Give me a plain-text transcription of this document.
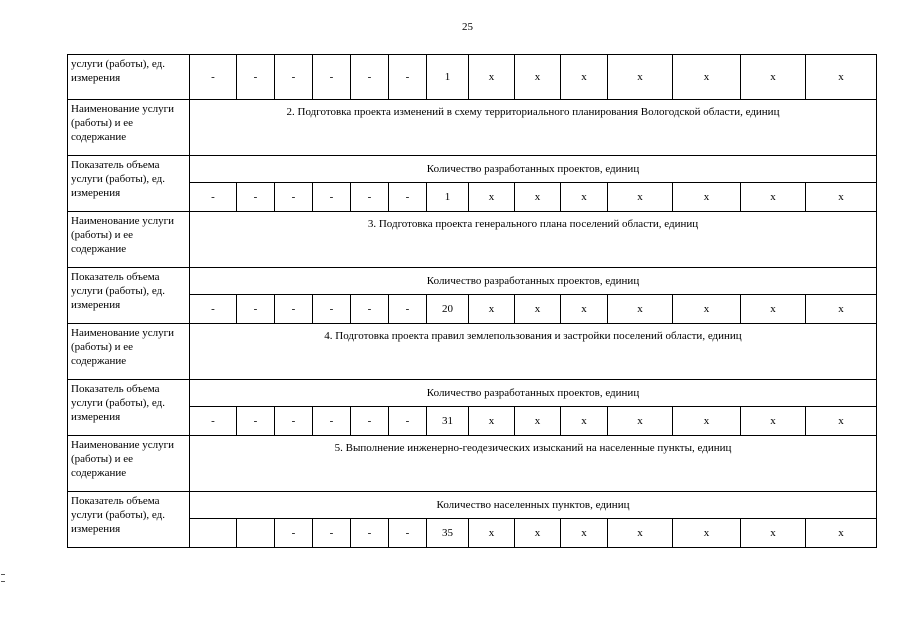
25
услуги (работы), ед. измерения	-	-	-	-	-	-	1	x	x	x	x	x	x	x
Наименование услуги (работы) и ее содержание	2. Подготовка проекта изменений в схему территориального планирования Вологодской области, единиц													
Показатель объема услуги (работы), ед. измерения	Количество разработанных проектов, единиц													
	-	-	-	-	-	-	1	x	x	x	x	x	x	x
Наименование услуги (работы) и ее содержание	3. Подготовка проекта генерального плана поселений области, единиц													
Показатель объема услуги (работы), ед. измерения	Количество разработанных проектов, единиц													
	-	-	-	-	-	-	20	x	x	x	x	x	x	x
Наименование услуги (работы) и ее содержание	4. Подготовка проекта правил землепользования и застройки поселений области, единиц													
Показатель объема услуги (работы), ед. измерения	Количество разработанных проектов, единиц													
	-	-	-	-	-	-	31	x	x	x	x	x	x	x
Наименование услуги (работы) и ее содержание	5. Выполнение инженерно-геодезических изысканий на населенные пункты, единиц													
Показатель объема услуги (работы), ед. измерения	Количество населенных пунктов, единиц													
			-	-	-	-	35	x	x	x	x	x	x	x
